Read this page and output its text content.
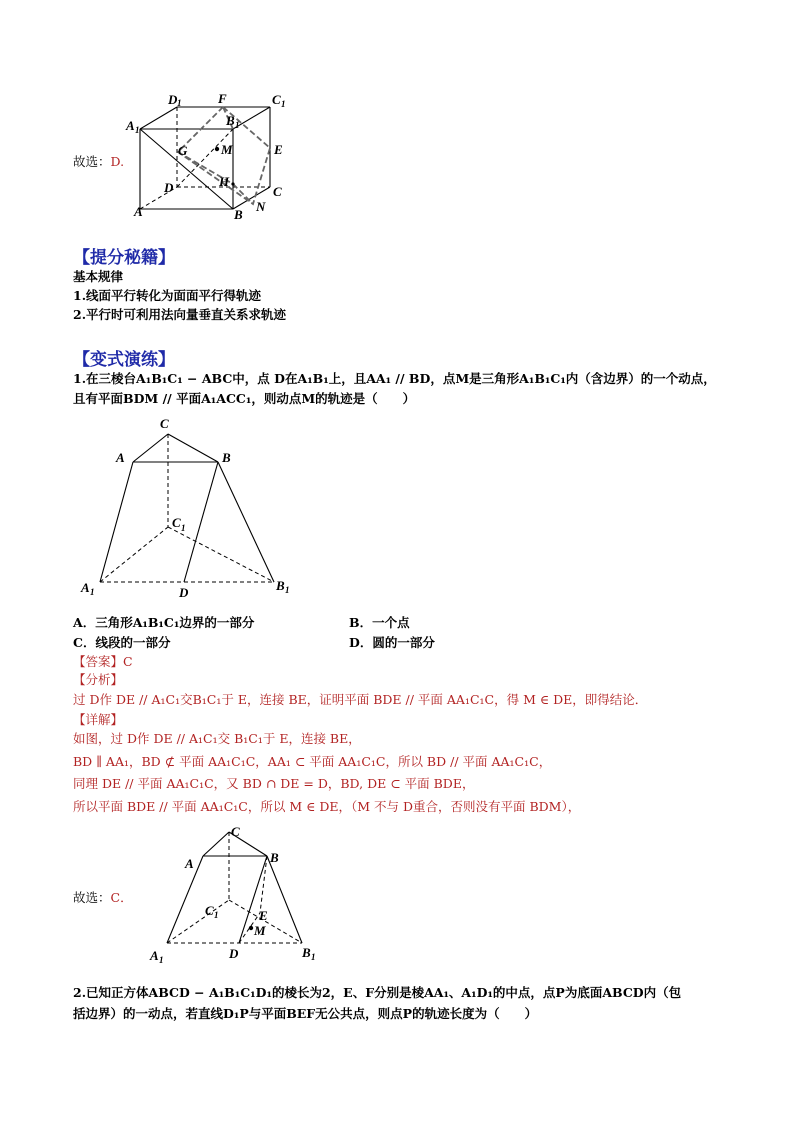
D 1	F	C 1
A 1
B 1
G	M	E
H
D	C
A	B
N
故选：D.
【提分秘籍】
基本规律
1.线面平行转化为面面平行得轨迹
2.平行时可利用法向量垂直关系求轨迹
【变式演练】
1.在三棱台A₁B₁C₁ − ABC中，点 D在A₁B₁上，且AA₁ // BD，点M是三角形A₁B₁C₁内（含边界）的一个动点，
且有平面BDM // 平面A₁ACC₁，则动点M的轨迹是（　　）
C
A	B
C 1
A 1	D	B 1
A．三角形A₁B₁C₁边界的一部分	B．一个点
C．线段的一部分	D．圆的一部分
【答案】C
【分析】
过 D作 DE // A₁C₁交B₁C₁于 E，连接 BE，证明平面 BDE // 平面 AA₁C₁C，得 M ∈ DE，即得结论．
【详解】
如图，过 D作 DE // A₁C₁交 B₁C₁于 E，连接 BE，
BD ∥ AA₁，BD ⊄ 平面 AA₁C₁C，AA₁ ⊂ 平面 AA₁C₁C，所以 BD // 平面 AA₁C₁C，
同理 DE // 平面 AA₁C₁C，又 BD ∩ DE = D，BD, DE ⊂ 平面 BDE，
所以平面 BDE // 平面 AA₁C₁C，所以 M ∈ DE，（M 不与 D重合，否则没有平面 BDM），
C
A	B
C 1	E
M
A 1	D	B 1
故选：C．
2.已知正方体ABCD − A₁B₁C₁D₁的棱长为2，E、F分别是棱AA₁、A₁D₁的中点，点P为底面ABCD内（包
括边界）的一动点，若直线D₁P与平面BEF无公共点，则点P的轨迹长度为（　　）
